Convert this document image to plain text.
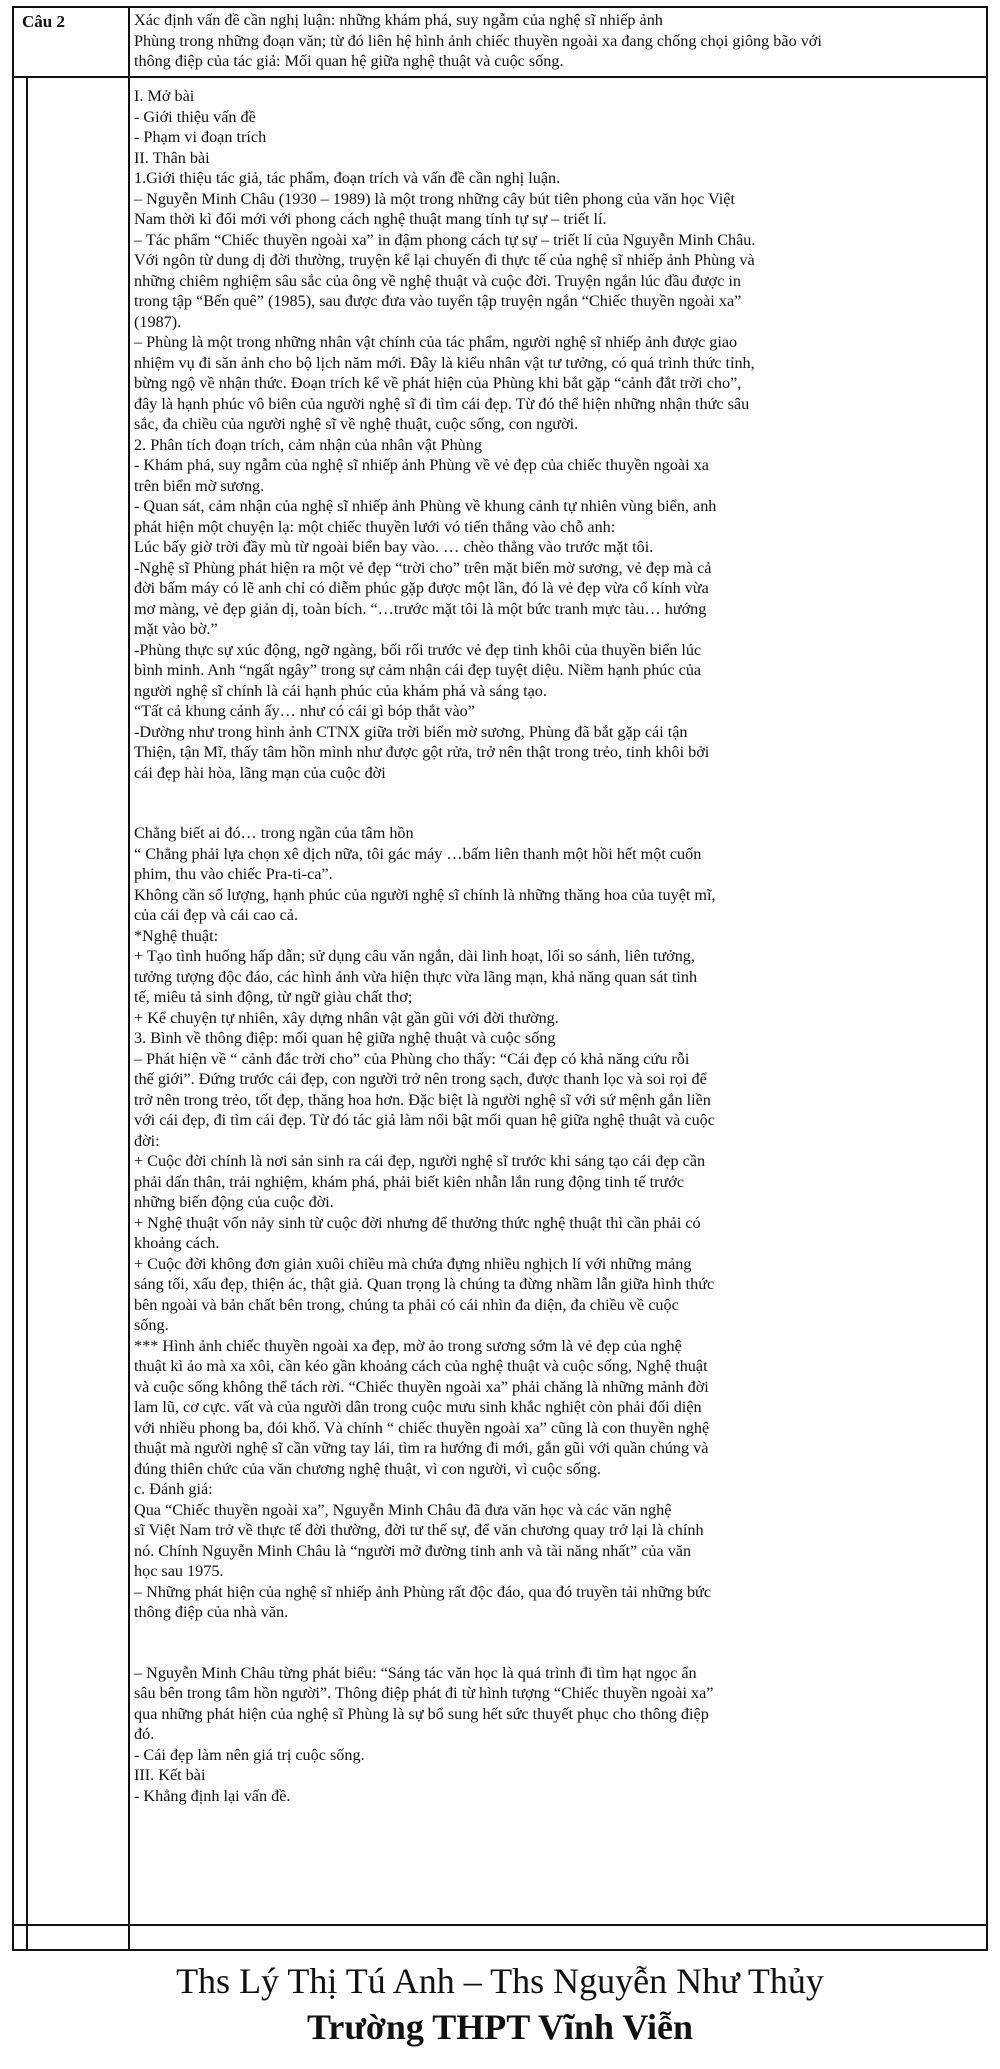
Câu 2	Xác định vấn đề cần nghị luận: những khám phá, suy ngẫm của nghệ sĩ nhiếp ảnh
Phùng trong những đoạn văn; từ đó liên hệ hình ảnh chiếc thuyền ngoài xa đang chống chọi giông bão với
thông điệp của tác giả: Mối quan hệ giữa nghệ thuật và cuộc sống.
I. Mở bài
- Giới thiệu vấn đề
- Phạm vi đoạn trích
II. Thân bài
1.Giới thiệu tác giả, tác phẩm, đoạn trích và vấn đề cần nghị luận.
– Nguyễn Minh Châu (1930 – 1989) là một trong những cây bút tiên phong của văn học Việt
Nam thời kì đổi mới với phong cách nghệ thuật mang tính tự sự – triết lí.
– Tác phẩm “Chiếc thuyền ngoài xa” in đậm phong cách tự sự – triết lí của Nguyễn Minh Châu.
Với ngôn từ dung dị đời thường, truyện kể lại chuyến đi thực tế của nghệ sĩ nhiếp ảnh Phùng và
những chiêm nghiệm sâu sắc của ông về nghệ thuật và cuộc đời. Truyện ngắn lúc đầu được in
trong tập “Bến quê” (1985), sau được đưa vào tuyển tập truyện ngắn “Chiếc thuyền ngoài xa”
(1987).
– Phùng là một trong những nhân vật chính của tác phẩm, người nghệ sĩ nhiếp ảnh được giao
nhiệm vụ đi săn ảnh cho bộ lịch năm mới. Đây là kiểu nhân vật tư tưởng, có quá trình thức tỉnh,
bừng ngộ về nhận thức. Đoạn trích kể về phát hiện của Phùng khi bắt gặp “cảnh đắt trời cho”,
đây là hạnh phúc vô biên của người nghệ sĩ đi tìm cái đẹp. Từ đó thể hiện những nhận thức sâu
sắc, đa chiều của người nghệ sĩ về nghệ thuật, cuộc sống, con người.
2. Phân tích đoạn trích, cảm nhận của nhân vật Phùng
- Khám phá, suy ngẫm của nghệ sĩ nhiếp ảnh Phùng về vẻ đẹp của chiếc thuyền ngoài xa
trên biển mờ sương.
- Quan sát, cảm nhận của nghệ sĩ nhiếp ảnh Phùng về khung cảnh tự nhiên vùng biển, anh
phát hiện một chuyện lạ: một chiếc thuyền lưới vó tiến thẳng vào chỗ anh:
Lúc bấy giờ trời đầy mù từ ngoài biển bay vào. … chèo thẳng vào trước mặt tôi.
-Nghệ sĩ Phùng phát hiện ra một vẻ đẹp “trời cho” trên mặt biển mờ sương, vẻ đẹp mà cả
đời bấm máy có lẽ anh chỉ có diễm phúc gặp được một lần, đó là vẻ đẹp vừa cổ kính vừa
mơ màng, vẻ đẹp giản dị, toàn bích. “…trước mặt tôi là một bức tranh mực tàu… hướng
mặt vào bờ.”
-Phùng thực sự xúc động, ngỡ ngàng, bối rối trước vẻ đẹp tinh khôi của thuyền biển lúc
bình minh. Anh “ngất ngây” trong sự cảm nhận cái đẹp tuyệt diệu. Niềm hạnh phúc của
người nghệ sĩ chính là cái hạnh phúc của khám phá và sáng tạo.
“Tất cả khung cảnh ấy… như có cái gì bóp thắt vào”
-Dường như trong hình ảnh CTNX giữa trời biển mờ sương, Phùng đã bắt gặp cái tận
Thiện, tận Mĩ, thấy tâm hồn mình như được gột rửa, trở nên thật trong trẻo, tinh khôi bởi
cái đẹp hài hòa, lãng mạn của cuộc đời
Chẳng biết ai đó… trong ngần của tâm hồn
“ Chẳng phải lựa chọn xê dịch nữa, tôi gác máy …bấm liên thanh một hồi hết một cuốn
phim, thu vào chiếc Pra-ti-ca”.
Không cần số lượng, hạnh phúc của người nghệ sĩ chính là những thăng hoa của tuyệt mĩ,
của cái đẹp và cái cao cả.
*Nghệ thuật:
+ Tạo tình huống hấp dẫn; sử dụng câu văn ngắn, dài linh hoạt, lối so sánh, liên tưởng,
tưởng tượng độc đáo, các hình ảnh vừa hiện thực vừa lãng mạn, khả năng quan sát tinh
tế, miêu tả sinh động, từ ngữ giàu chất thơ;
+ Kể chuyện tự nhiên, xây dựng nhân vật gần gũi với đời thường.
3. Bình về thông điệp: mối quan hệ giữa nghệ thuật và cuộc sống
– Phát hiện về “ cảnh đắc trời cho” của Phùng cho thấy: “Cái đẹp có khả năng cứu rỗi
thế giới”. Đứng trước cái đẹp, con người trở nên trong sạch, được thanh lọc và soi rọi để
trở nên trong trẻo, tốt đẹp, thăng hoa hơn. Đặc biệt là người nghệ sĩ với sứ mệnh gắn liền
với cái đẹp, đi tìm cái đẹp. Từ đó tác giả làm nổi bật mối quan hệ giữa nghệ thuật và cuộc
đời:
+ Cuộc đời chính là nơi sản sinh ra cái đẹp, người nghệ sĩ trước khi sáng tạo cái đẹp cần
phải dấn thân, trải nghiệm, khám phá, phải biết kiên nhẫn lắn rung động tinh tế trước
những biến động của cuộc đời.
+ Nghệ thuật vốn nảy sinh từ cuộc đời nhưng để thưởng thức nghệ thuật thì cần phải có
khoảng cách.
+ Cuộc đời không đơn giản xuôi chiều mà chứa đựng nhiều nghịch lí với những mảng
sáng tối, xấu đẹp, thiện ác, thật giả. Quan trọng là chúng ta đừng nhầm lẫn giữa hình thức
bên ngoài và bản chất bên trong, chúng ta phải có cái nhìn đa diện, đa chiều về cuộc
sống.
*** Hình ảnh chiếc thuyền ngoài xa đẹp, mờ ảo trong sương sớm là vẻ đẹp của nghệ
thuật kì ảo mà xa xôi, cần kéo gần khoảng cách của nghệ thuật và cuộc sống, Nghệ thuật
và cuộc sống không thể tách rời. “Chiếc thuyền ngoài xa” phải chăng là những mảnh đời
lam lũ, cơ cực. vất và của người dân trong cuộc mưu sinh khắc nghiệt còn phải đối diện
với nhiều phong ba, đói khổ. Và chính “ chiếc thuyền ngoài xa” cũng là con thuyền nghệ
thuật mà người nghệ sĩ cần vững tay lái, tìm ra hướng đi mới, gắn gũi với quần chúng và
đúng thiên chức của văn chương nghệ thuật, vì con người, vì cuộc sống.
c. Đánh giá:
Qua “Chiếc thuyền ngoài xa”, Nguyễn Minh Châu đã đưa văn học và các văn nghệ
sĩ Việt Nam trở về thực tế đời thường, đời tư thế sự, để văn chương quay trở lại là chính
nó. Chính Nguyễn Minh Châu là “người mở đường tinh anh và tài năng nhất” của văn
học sau 1975.
– Những phát hiện của nghệ sĩ nhiếp ảnh Phùng rất độc đáo, qua đó truyền tải những bức
thông điệp của nhà văn.
– Nguyễn Minh Châu từng phát biểu: “Sáng tác văn học là quá trình đi tìm hạt ngọc ẩn
sâu bên trong tâm hồn người”. Thông điệp phát đi từ hình tượng “Chiếc thuyền ngoài xa”
qua những phát hiện của nghệ sĩ Phùng là sự bổ sung hết sức thuyết phục cho thông điệp
đó.
- Cái đẹp làm nên giá trị cuộc sống.
III. Kết bài
- Khẳng định lại vấn đề.
Ths Lý Thị Tú Anh – Ths Nguyễn Như Thủy
Trường THPT Vĩnh Viễn
